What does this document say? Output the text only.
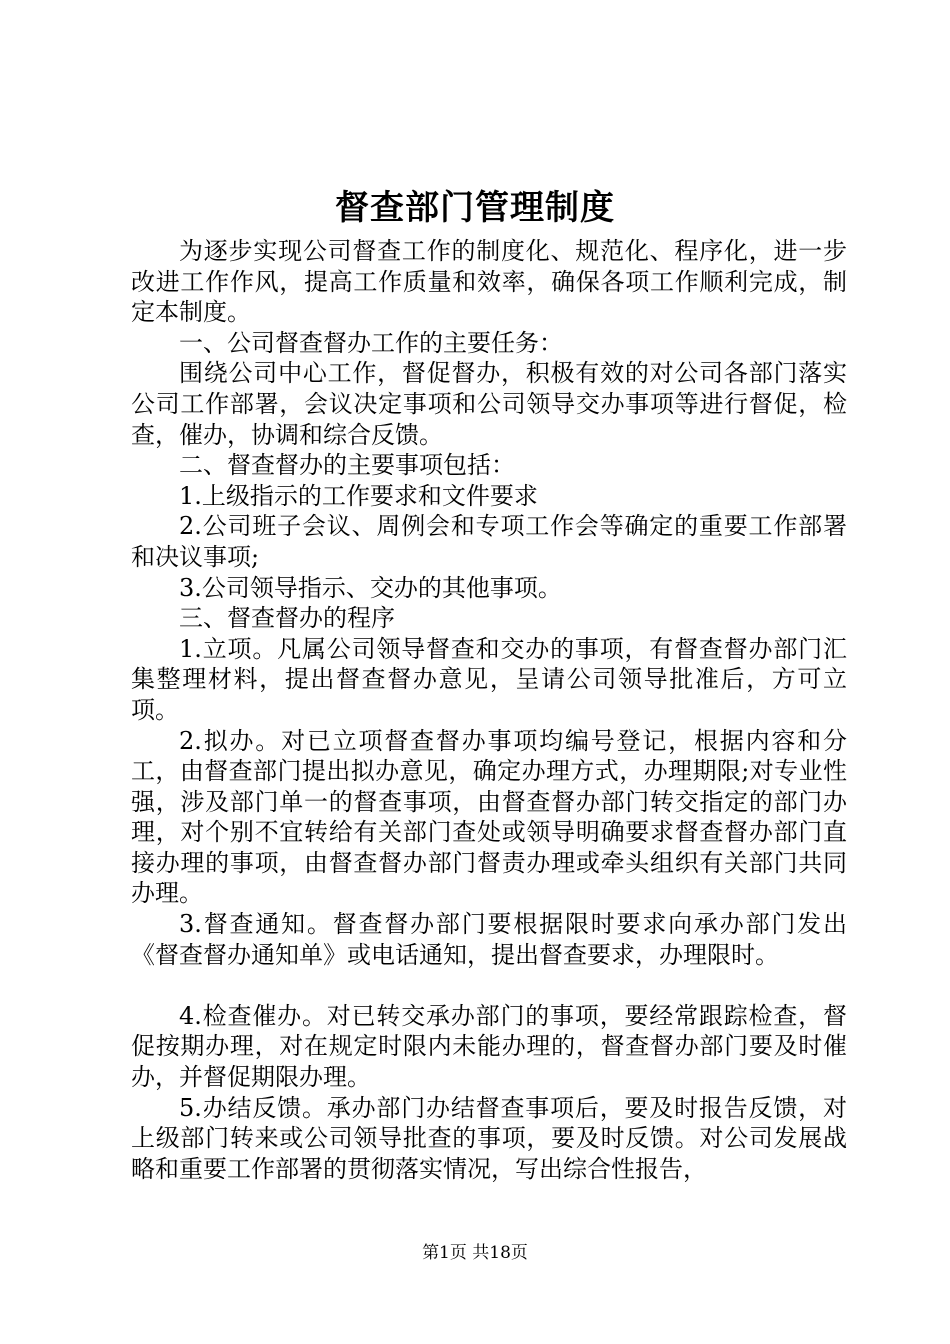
督查部门管理制度

为逐步实现公司督查工作的制度化、规范化、程序化，进一步改进工作作风，提高工作质量和效率，确保各项工作顺利完成，制定本制度。

一、公司督查督办工作的主要任务：

围绕公司中心工作，督促督办，积极有效的对公司各部门落实公司工作部署，会议决定事项和公司领导交办事项等进行督促，检查，催办，协调和综合反馈。

二、督查督办的主要事项包括：

1.上级指示的工作要求和文件要求

2.公司班子会议、周例会和专项工作会等确定的重要工作部署和决议事项;

3.公司领导指示、交办的其他事项。

三、督查督办的程序

1.立项。凡属公司领导督查和交办的事项，有督查督办部门汇集整理材料，提出督查督办意见，呈请公司领导批准后，方可立项。

2.拟办。对已立项督查督办事项均编号登记，根据内容和分工，由督查部门提出拟办意见，确定办理方式，办理期限;对专业性强，涉及部门单一的督查事项，由督查督办部门转交指定的部门办理，对个别不宜转给有关部门查处或领导明确要求督查督办部门直接办理的事项，由督查督办部门督责办理或牵头组织有关部门共同办理。

3.督查通知。督查督办部门要根据限时要求向承办部门发出《督查督办通知单》或电话通知，提出督查要求，办理限时。

4.检查催办。对已转交承办部门的事项，要经常跟踪检查，督促按期办理，对在规定时限内未能办理的，督查督办部门要及时催办，并督促期限办理。

5.办结反馈。承办部门办结督查事项后，要及时报告反馈，对上级部门转来或公司领导批查的事项，要及时反馈。对公司发展战略和重要工作部署的贯彻落实情况，写出综合性报告，

第1页 共18页
